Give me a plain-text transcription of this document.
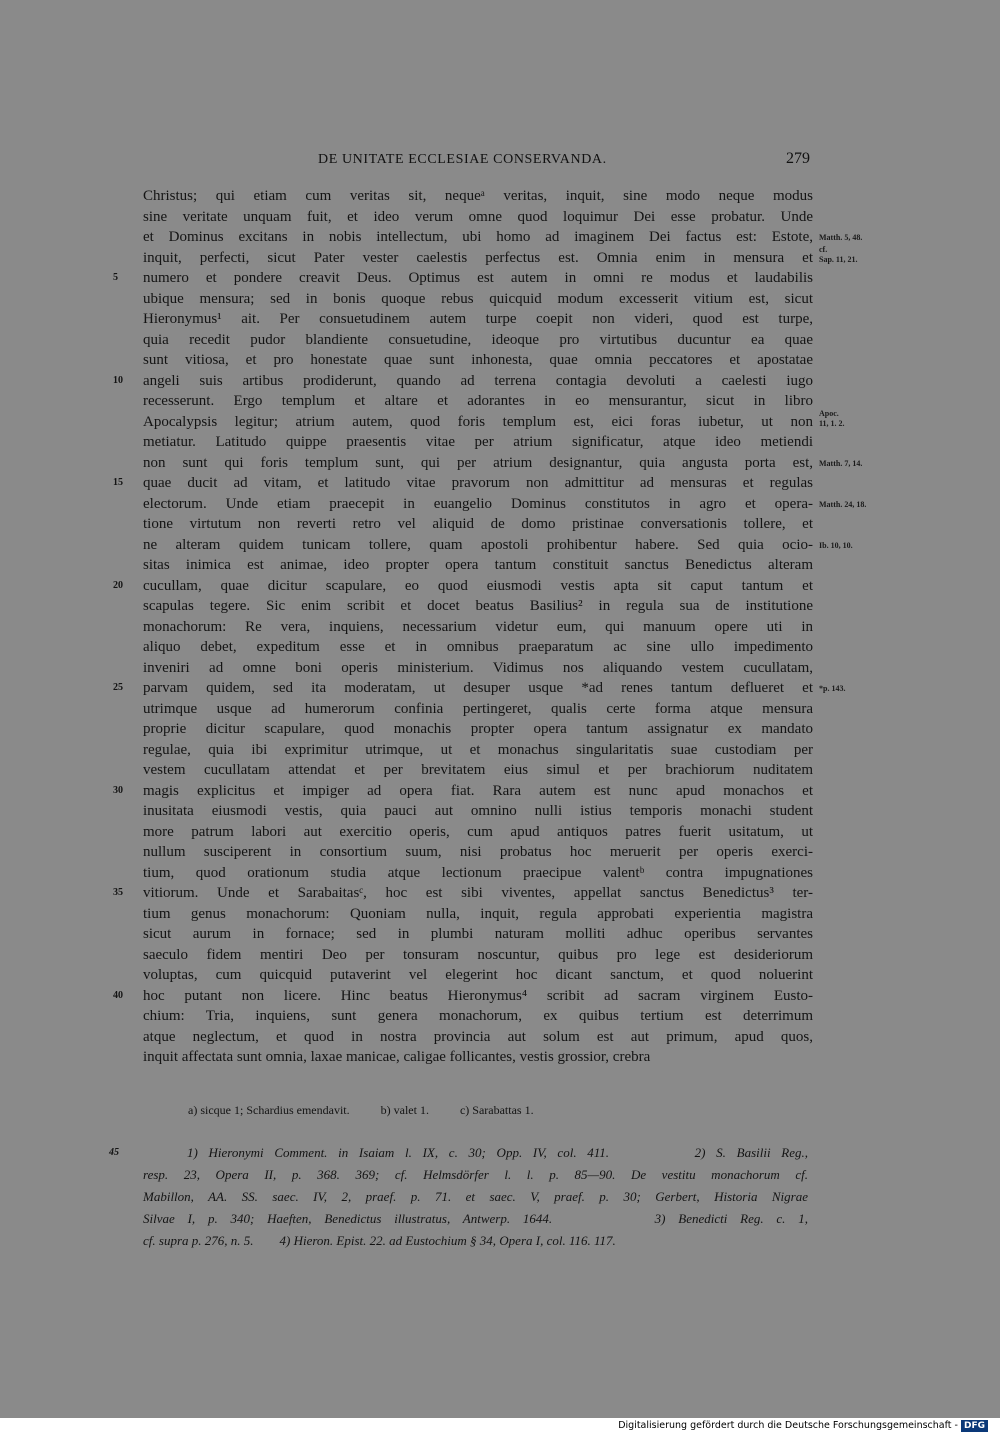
DE UNITATE ECCLESIAE CONSERVANDA.	279
Christus; qui etiam cum veritas sit, nequeᵃ veritas, inquit, sine modo neque modus
sine veritate unquam fuit, et ideo verum omne quod loquimur Dei esse probatur. Unde
et Dominus excitans in nobis intellectum, ubi homo ad imaginem Dei factus est: Estote, Matth. 5, 48.
inquit, perfecti, sicut Pater vester caelestis perfectus est. Omnia enim in mensura et
cf.
Sap. 11, 21.
5	numero et pondere creavit Deus. Optimus est autem in omni re modus et laudabilis
ubique mensura; sed in bonis quoque rebus quicquid modum excesserit vitium est, sicut
Hieronymus¹ ait. Per consuetudinem autem turpe coepit non videri, quod est turpe,
quia recedit pudor blandiente consuetudine, ideoque pro virtutibus ducuntur ea quae
sunt vitiosa, et pro honestate quae sunt inhonesta, quae omnia peccatores et apostatae
10	angeli suis artibus prodiderunt, quando ad terrena contagia devoluti a caelesti iugo
recesserunt. Ergo templum et altare et adorantes in eo mensurantur, sicut in libro
Apocalypsis legitur; atrium autem, quod foris templum est, eici foras iubetur, ut non
Apoc.
11, 1. 2.
metiatur. Latitudo quippe praesentis vitae per atrium significatur, atque ideo metiendi
non sunt qui foris templum sunt, qui per atrium designantur, quia angusta porta est, Matth. 7, 14.
15	quae ducit ad vitam, et latitudo vitae pravorum non admittitur ad mensuras et regulas
electorum. Unde etiam praecepit in euangelio Dominus constitutos in agro et opera- Matth. 24, 18.
tione virtutum non reverti retro vel aliquid de domo pristinae conversationis tollere, et
ne alteram quidem tunicam tollere, quam apostoli prohibentur habere. Sed quia ocio- Ib. 10, 10.
sitas inimica est animae, ideo propter opera tantum constituit sanctus Benedictus alteram
20	cucullam, quae dicitur scapulare, eo quod eiusmodi vestis apta sit caput tantum et
scapulas tegere. Sic enim scribit et docet beatus Basilius² in regula sua de institutione
monachorum: Re vera, inquiens, necessarium videtur eum, qui manuum opere uti in
aliquo debet, expeditum esse et in omnibus praeparatum ac sine ullo impedimento
inveniri ad omne boni operis ministerium. Vidimus nos aliquando vestem cucullatam,
25	parvam quidem, sed ita moderatam, ut desuper usque *ad renes tantum deflueret et *p. 143.
utrimque usque ad humerorum confinia pertingeret, qualis certe forma atque mensura
proprie dicitur scapulare, quod monachis propter opera tantum assignatur ex mandato
regulae, quia ibi exprimitur utrimque, ut et monachus singularitatis suae custodiam per
vestem cucullatam attendat et per brevitatem eius simul et per brachiorum nuditatem
30	magis explicitus et impiger ad opera fiat. Rara autem est nunc apud monachos et
inusitata eiusmodi vestis, quia pauci aut omnino nulli istius temporis monachi student
more patrum labori aut exercitio operis, cum apud antiquos patres fuerit usitatum, ut
nullum susciperent in consortium suum, nisi probatus hoc meruerit per operis exerci-
tium, quod orationum studia atque lectionum praecipue valentᵇ contra impugnationes
35	vitiorum. Unde et Sarabaitasᶜ, hoc est sibi viventes, appellat sanctus Benedictus³ ter-
tium genus monachorum: Quoniam nulla, inquit, regula approbati experientia magistra
sicut aurum in fornace; sed in plumbi naturam molliti adhuc operibus servantes
saeculo fidem mentiri Deo per tonsuram noscuntur, quibus pro lege est desideriorum
voluptas, cum quicquid putaverint vel elegerint hoc dicant sanctum, et quod noluerint
40	hoc putant non licere. Hinc beatus Hieronymus⁴ scribit ad sacram virginem Eusto-
chium: Tria, inquiens, sunt genera monachorum, ex quibus tertium est deterrimum
atque neglectum, et quod in nostra provincia aut solum est aut primum, apud quos,
inquit affectata sunt omnia, laxae manicae, caligae follicantes, vestis grossior, crebra
a) sicque 1; Schardius emendavit.	b) valet 1.	c) Sarabattas 1.
45	1) Hieronymi Comment. in Isaiam l. IX, c. 30; Opp. IV, col. 411.        2) S. Basilii Reg.,
resp. 23, Opera II, p. 368. 369; cf. Helmsdörfer l. l. p. 85—90. De vestitu monachorum cf.
Mabillon, AA. SS. saec. IV, 2, praef. p. 71. et saec. V, praef. p. 30; Gerbert, Historia Nigrae
Silvae I, p. 340; Haeften, Benedictus illustratus, Antwerp. 1644.        3) Benedicti Reg. c. 1,
cf. supra p. 276, n. 5.        4) Hieron. Epist. 22. ad Eustochium § 34, Opera I, col. 116. 117.
Digitalisierung gefördert durch die Deutsche Forschungsgemeinschaft - DFG
